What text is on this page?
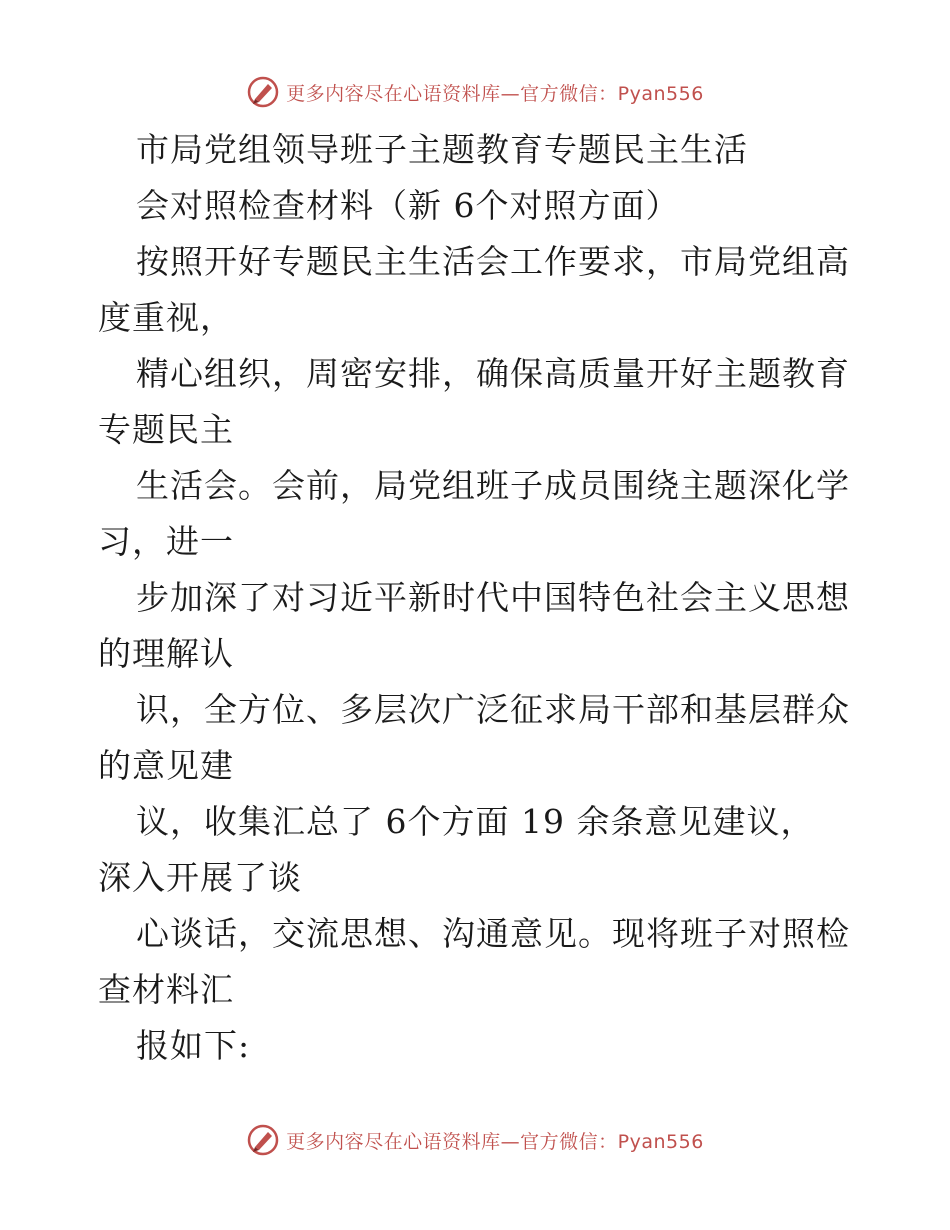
更多内容尽在心语资料库—官方微信：Pyan556
市局党组领导班子主题教育专题民主生活
会对照检查材料（新 6个对照方面）
按照开好专题民主生活会工作要求，市局党组高
度重视，
精心组织，周密安排，确保高质量开好主题教育
专题民主
生活会。会前，局党组班子成员围绕主题深化学
习，进一
步加深了对习近平新时代中国特色社会主义思想
的理解认
识，全方位、多层次广泛征求局干部和基层群众
的意见建
议，收集汇总了 6个方面 19 余条意见建议，
深入开展了谈
心谈话，交流思想、沟通意见。现将班子对照检
查材料汇
报如下:
更多内容尽在心语资料库—官方微信：Pyan556
